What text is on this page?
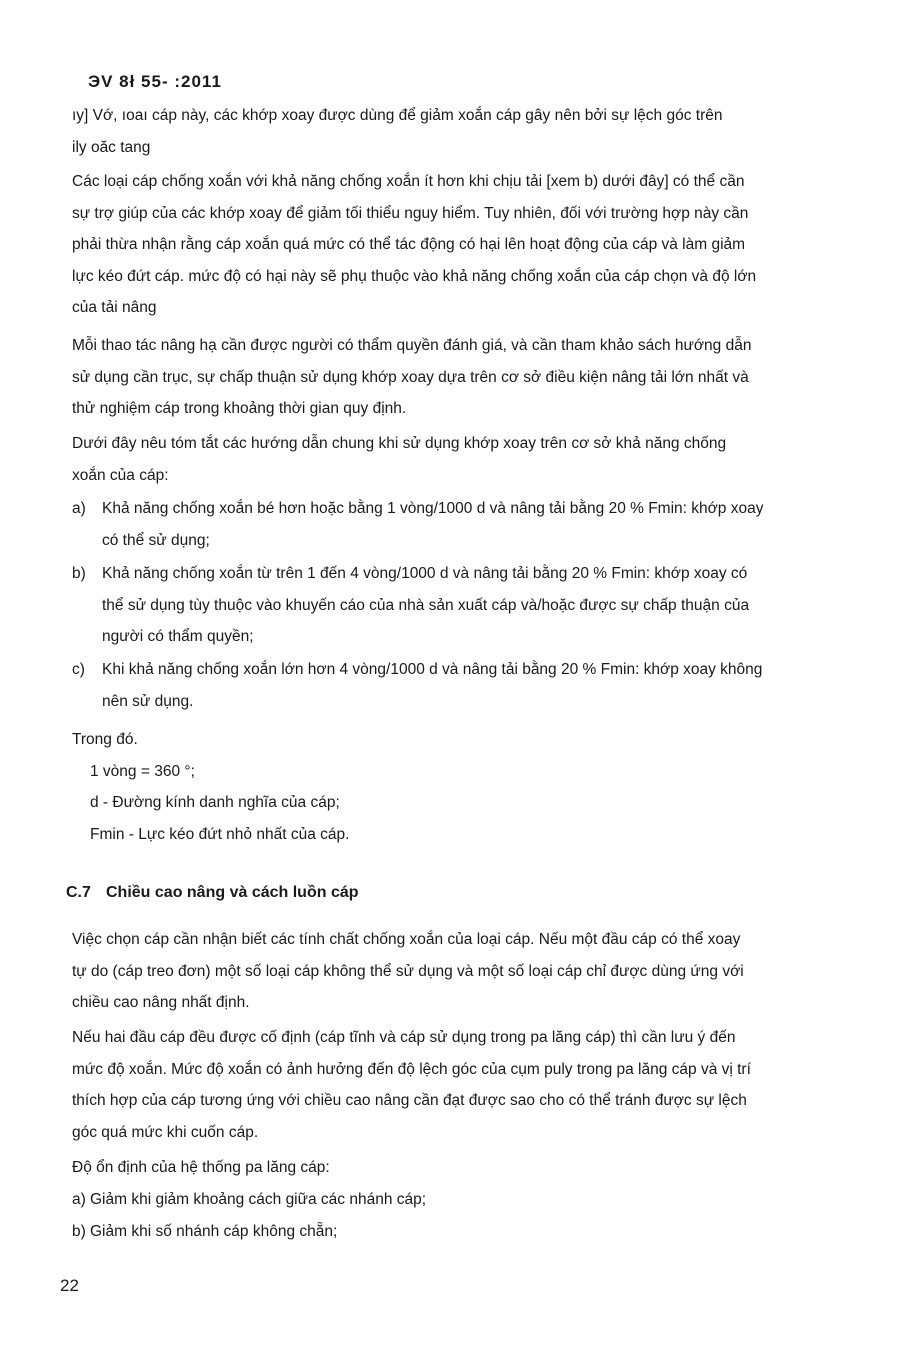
ЭV 8ł 55- :2011
ıy] Vớ, ıoaı cáp này, các khớp xoay được dùng để giảm xoắn cáp gây nên bởi sự lệch góc trên
ily oăc tang
Các loại cáp chống xoắn với khả năng chống xoắn ít hơn khi chịu tải [xem b) dưới đây] có thể cần
sự trợ giúp của các khớp xoay để giảm tối thiểu nguy hiểm. Tuy nhiên, đối với trường hợp này cần
phải thừa nhận rằng cáp xoắn quá mức có thể tác động có hại lên hoạt động của cáp và làm giảm
lực kéo đứt cáp. mức độ có hại này sẽ phụ thuộc vào khả năng chống xoắn của cáp chọn và độ lớn
của tải nâng
Mỗi thao tác nâng hạ cần được người có thẩm quyền đánh giá, và cần tham khảo sách hướng dẫn
sử dụng cần trục, sự chấp thuận sử dụng khớp xoay dựa trên cơ sở điều kiện nâng tải lớn nhất và
thử nghiệm cáp trong khoảng thời gian quy định.
Dưới đây nêu tóm tắt các hướng dẫn chung khi sử dụng khớp xoay trên cơ sở khả năng chống
xoắn của cáp:
a)	Khả năng chống xoắn bé hơn hoặc bằng 1 vòng/1000 d và nâng tải bằng 20 % Fmin: khớp xoay
có thể sử dụng;
b)	Khả năng chống xoắn từ trên 1 đến 4 vòng/1000 d và nâng tải bằng 20 % Fmin: khớp xoay có
thể sử dụng tùy thuộc vào khuyến cáo của nhà sản xuất cáp và/hoặc được sự chấp thuận của
người có thẩm quyền;
c)	Khi khả năng chống xoắn lớn hơn 4 vòng/1000 d và nâng tải bằng 20 % Fmin: khớp xoay không
nên sử dụng.
Trong đó.
1 vòng = 360 °;
d - Đường kính danh nghĩa của cáp;
Fmin - Lực kéo đứt nhỏ nhất của cáp.
C.7 Chiều cao nâng và cách luồn cáp
Việc chọn cáp cần nhận biết các tính chất chống xoắn của loại cáp. Nếu một đầu cáp có thể xoay
tự do (cáp treo đơn) một số loại cáp không thể sử dụng và một số loại cáp chỉ được dùng ứng với
chiều cao nâng nhất định.
Nếu hai đầu cáp đều được cố định (cáp tĩnh và cáp sử dụng trong pa lăng cáp) thì cần lưu ý đến
mức độ xoắn. Mức độ xoắn có ảnh hưởng đến độ lệch góc của cụm puly trong pa lăng cáp và vị trí
thích hợp của cáp tương ứng với chiều cao nâng cần đạt được sao cho có thể tránh được sự lệch
góc quá mức khi cuốn cáp.
Độ ổn định của hệ thống pa lăng cáp:
a) Giảm khi giảm khoảng cách giữa các nhánh cáp;
b) Giảm khi số nhánh cáp không chẵn;
22
